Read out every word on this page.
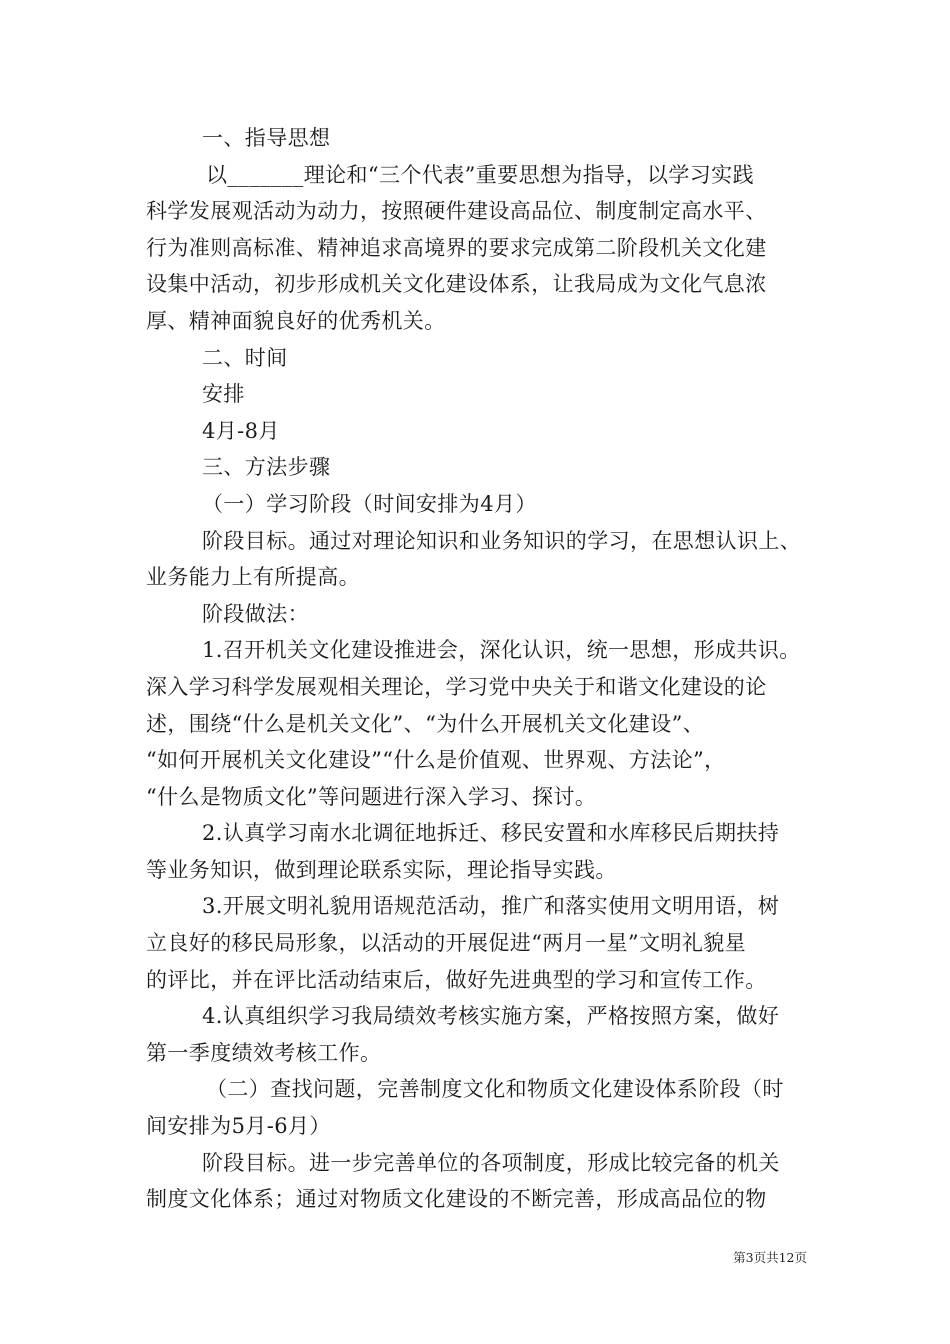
一、指导思想
以_______理论和“三个代表”重要思想为指导，以学习实践
科学发展观活动为动力，按照硬件建设高品位、制度制定高水平、
行为准则高标准、精神追求高境界的要求完成第二阶段机关文化建
设集中活动，初步形成机关文化建设体系，让我局成为文化气息浓
厚、精神面貌良好的优秀机关。
二、时间
安排
4月-8月
三、方法步骤
（一）学习阶段（时间安排为4月）
阶段目标。通过对理论知识和业务知识的学习，在思想认识上、
业务能力上有所提高。
阶段做法：
1.召开机关文化建设推进会，深化认识，统一思想，形成共识。
深入学习科学发展观相关理论，学习党中央关于和谐文化建设的论
述，围绕“什么是机关文化”、“为什么开展机关文化建设”、
“如何开展机关文化建设”“什么是价值观、世界观、方法论”，
“什么是物质文化”等问题进行深入学习、探讨。
2.认真学习南水北调征地拆迁、移民安置和水库移民后期扶持
等业务知识，做到理论联系实际，理论指导实践。
3.开展文明礼貌用语规范活动，推广和落实使用文明用语，树
立良好的移民局形象，以活动的开展促进“两月一星”文明礼貌星
的评比，并在评比活动结束后，做好先进典型的学习和宣传工作。
4.认真组织学习我局绩效考核实施方案，严格按照方案，做好
第一季度绩效考核工作。
（二）查找问题，完善制度文化和物质文化建设体系阶段（时
间安排为5月-6月）
阶段目标。进一步完善单位的各项制度，形成比较完备的机关
制度文化体系；通过对物质文化建设的不断完善，形成高品位的物
第3页共12页
